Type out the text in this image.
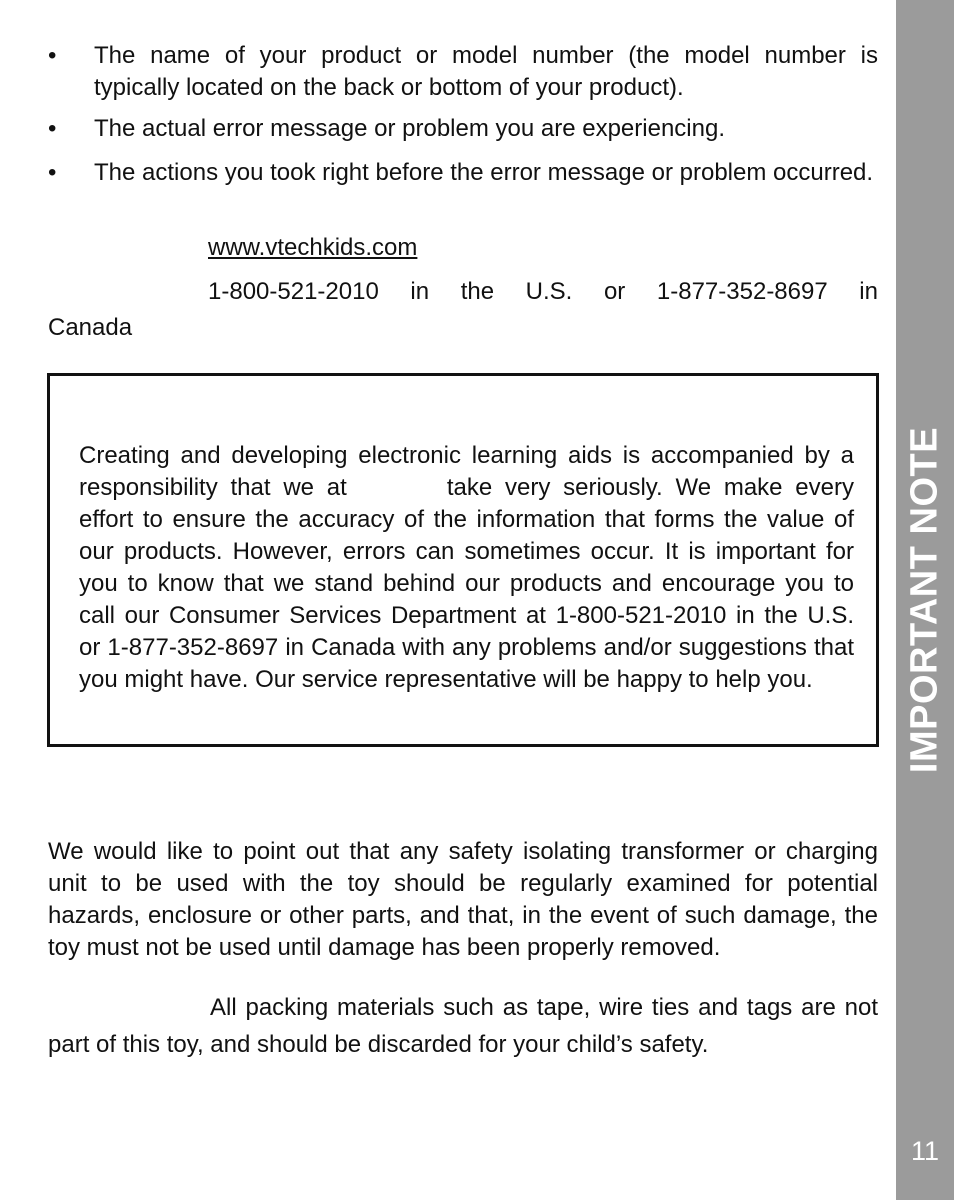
• The name of your product or model number (the model number is typically located on the back or bottom of your product).
• The actual error message or problem you are experiencing.
• The actions you took right before the error message or problem occurred.
www.vtechkids.com
1-800-521-2010 in the U.S. or 1-877-352-8697 in Canada

Creating and developing electronic learning aids is accompanied by a responsibility that we at	take very seriously. We make every effort to ensure the accuracy of the information that forms the value of our products. However, errors can sometimes occur. It is important for you to know that we stand behind our products and encourage you to call our Consumer Services Department at 1-800-521-2010 in the U.S. or 1-877-352-8697 in Canada with any problems and/or suggestions that you might have. Our service representative will be happy to help you.

We would like to point out that any safety isolating transformer or charging unit to be used with the toy should be regularly examined for potential hazards, enclosure or other parts, and that, in the event of such damage, the toy must not be used until damage has been properly removed.

All packing materials such as tape, wire ties and tags are not part of this toy, and should be discarded for your child’s safety.

IMPORTANT NOTE
11
